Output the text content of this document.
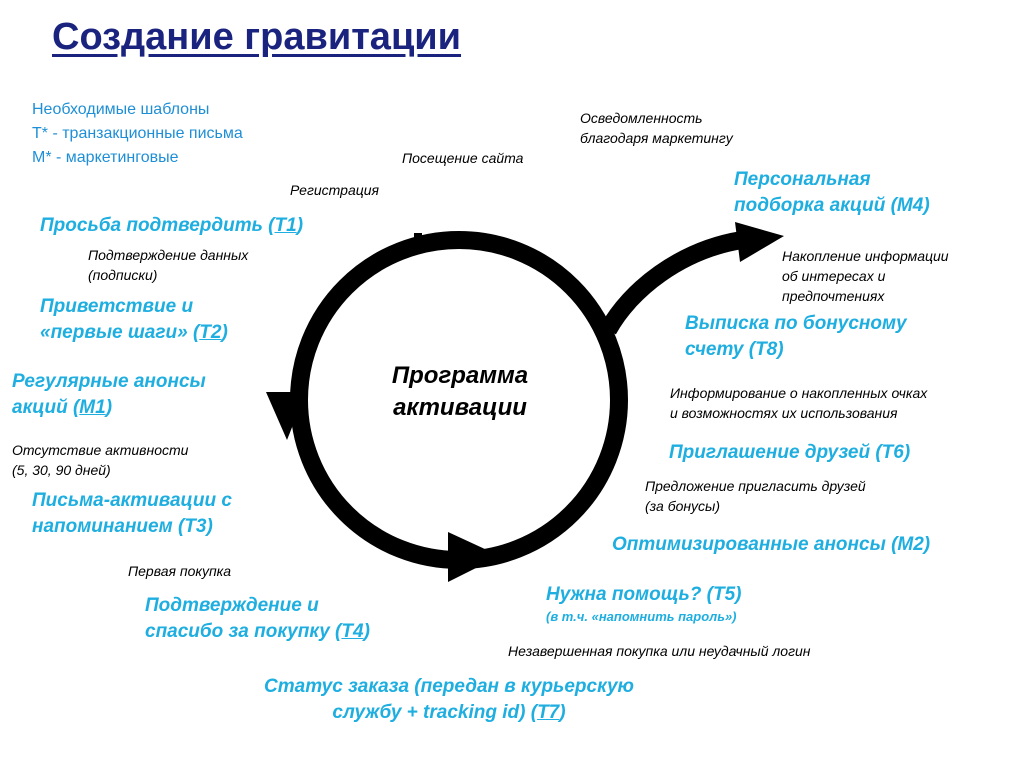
Создание гравитации
Необходимые шаблоны
T* - транзакционные письма
M* - маркетинговые
Программа
активации
Осведомленность
благодаря маркетингу
Посещение сайта
Регистрация
Подтверждение данных
(подписки)
Отсутствие активности
(5, 30, 90 дней)
Первая покупка
Накопление информации
об интересах и
предпочтениях
Информирование о накопленных очках
и возможностях их использования
Предложение пригласить друзей
(за бонусы)
Незавершенная покупка или неудачный логин
Просьба подтвердить (T1)
Приветствие и
«первые шаги» (T2)
Регулярные анонсы
акций (M1)
Письма-активации с
напоминанием (T3)
Подтверждение и
спасибо за покупку (T4)
Статус заказа (передан в курьерскую
службу + tracking id) (T7)
Персональная
подборка акций (M4)
Выписка по бонусному
счету (T8)
Приглашение друзей (T6)
Оптимизированные анонсы (M2)
Нужна помощь? (T5)
(в т.ч. «напомнить пароль»)
